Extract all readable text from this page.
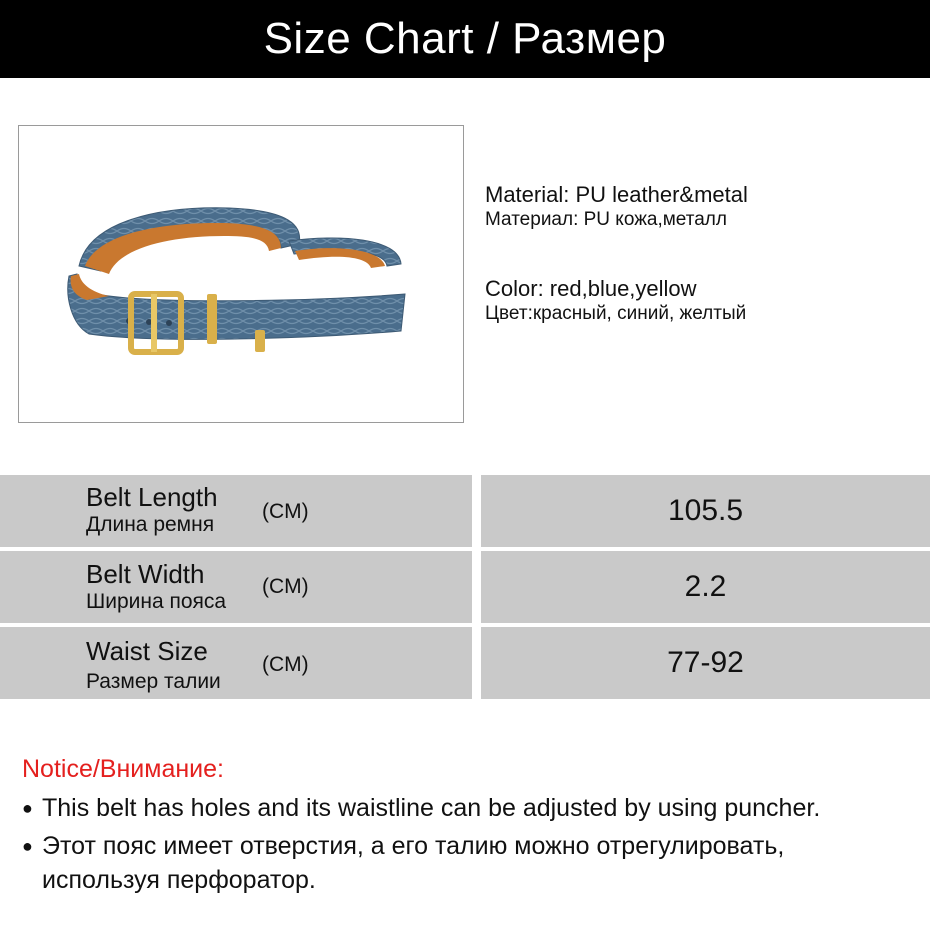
Size Chart / Размер
Material: PU leather&metal
Материал: PU кожа,металл
Color: red,blue,yellow
Цвет:красный, синий, желтый
Belt Length
Длина ремня
(CM)	105.5
Belt Width
Ширина пояса
(CM)	2.2
Waist Size
Размер талии
(CM)	77-92
Notice/Внимание:
● This belt has holes and its waistline can be adjusted by using puncher.
● Этот пояс имеет отверстия, а его талию можно отрегулировать,
используя перфоратор.
